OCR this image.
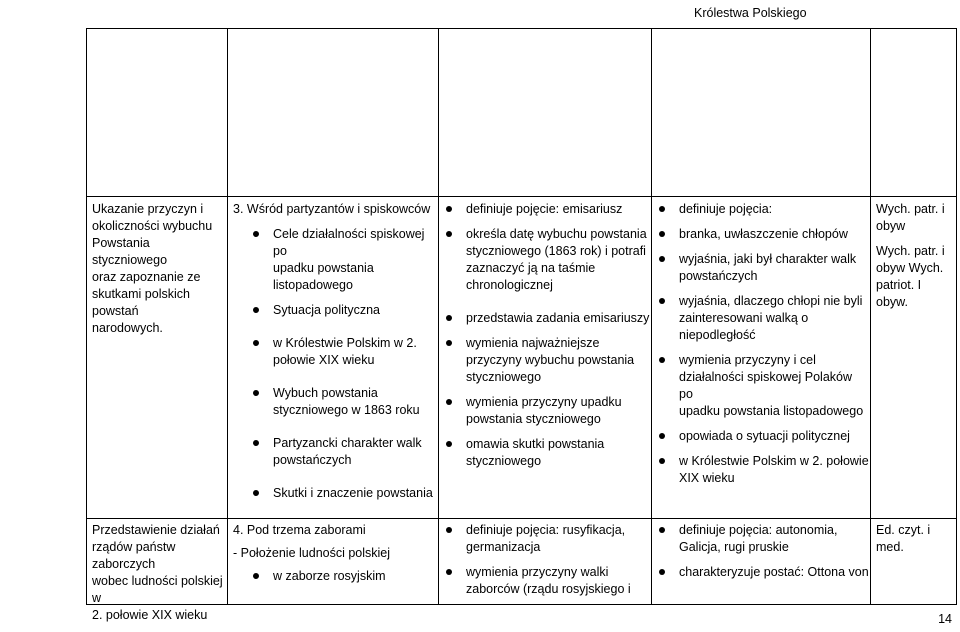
Królestwa Polskiego

Ukazanie przyczyn i

okoliczności wybuchu

Powstania styczniowego

oraz zapoznanie ze

skutkami polskich powstań

narodowych.

3. Wśród partyzantów i spiskowców

Cele działalności spiskowej po

upadku powstania

listopadowego

Sytuacja polityczna

w Królestwie Polskim w 2.

połowie XIX wieku

Wybuch powstania

styczniowego w 1863 roku

Partyzancki charakter walk

powstańczych

Skutki i znaczenie powstania

definiuje pojęcie: emisariusz

określa datę wybuchu powstania

styczniowego (1863 rok) i potrafi

zaznaczyć ją na taśmie

chronologicznej

przedstawia zadania emisariuszy

wymienia najważniejsze

przyczyny wybuchu powstania

styczniowego

wymienia przyczyny upadku

powstania styczniowego

omawia skutki powstania

styczniowego

definiuje pojęcia:

branka, uwłaszczenie chłopów

wyjaśnia, jaki był charakter walk

powstańczych

wyjaśnia, dlaczego chłopi nie byli

zainteresowani walką o

niepodległość

wymienia przyczyny i cel

działalności spiskowej Polaków po

upadku powstania listopadowego

opowiada o sytuacji politycznej

w Królestwie Polskim w 2. połowie

XIX wieku

Wych. patr. i

obyw

Wych. patr. i

obyw Wych.

patriot. I obyw.

Przedstawienie działań

rządów państw zaborczych

wobec ludności polskiej w

2. połowie XIX wieku

4. Pod trzema zaborami

- Położenie ludności polskiej

w zaborze rosyjskim

definiuje pojęcia: rusyfikacja,

germanizacja

wymienia przyczyny walki

zaborców (rządu rosyjskiego i

definiuje pojęcia: autonomia,

Galicja, rugi pruskie

charakteryzuje postać: Ottona von

Ed. czyt. i med.

14
